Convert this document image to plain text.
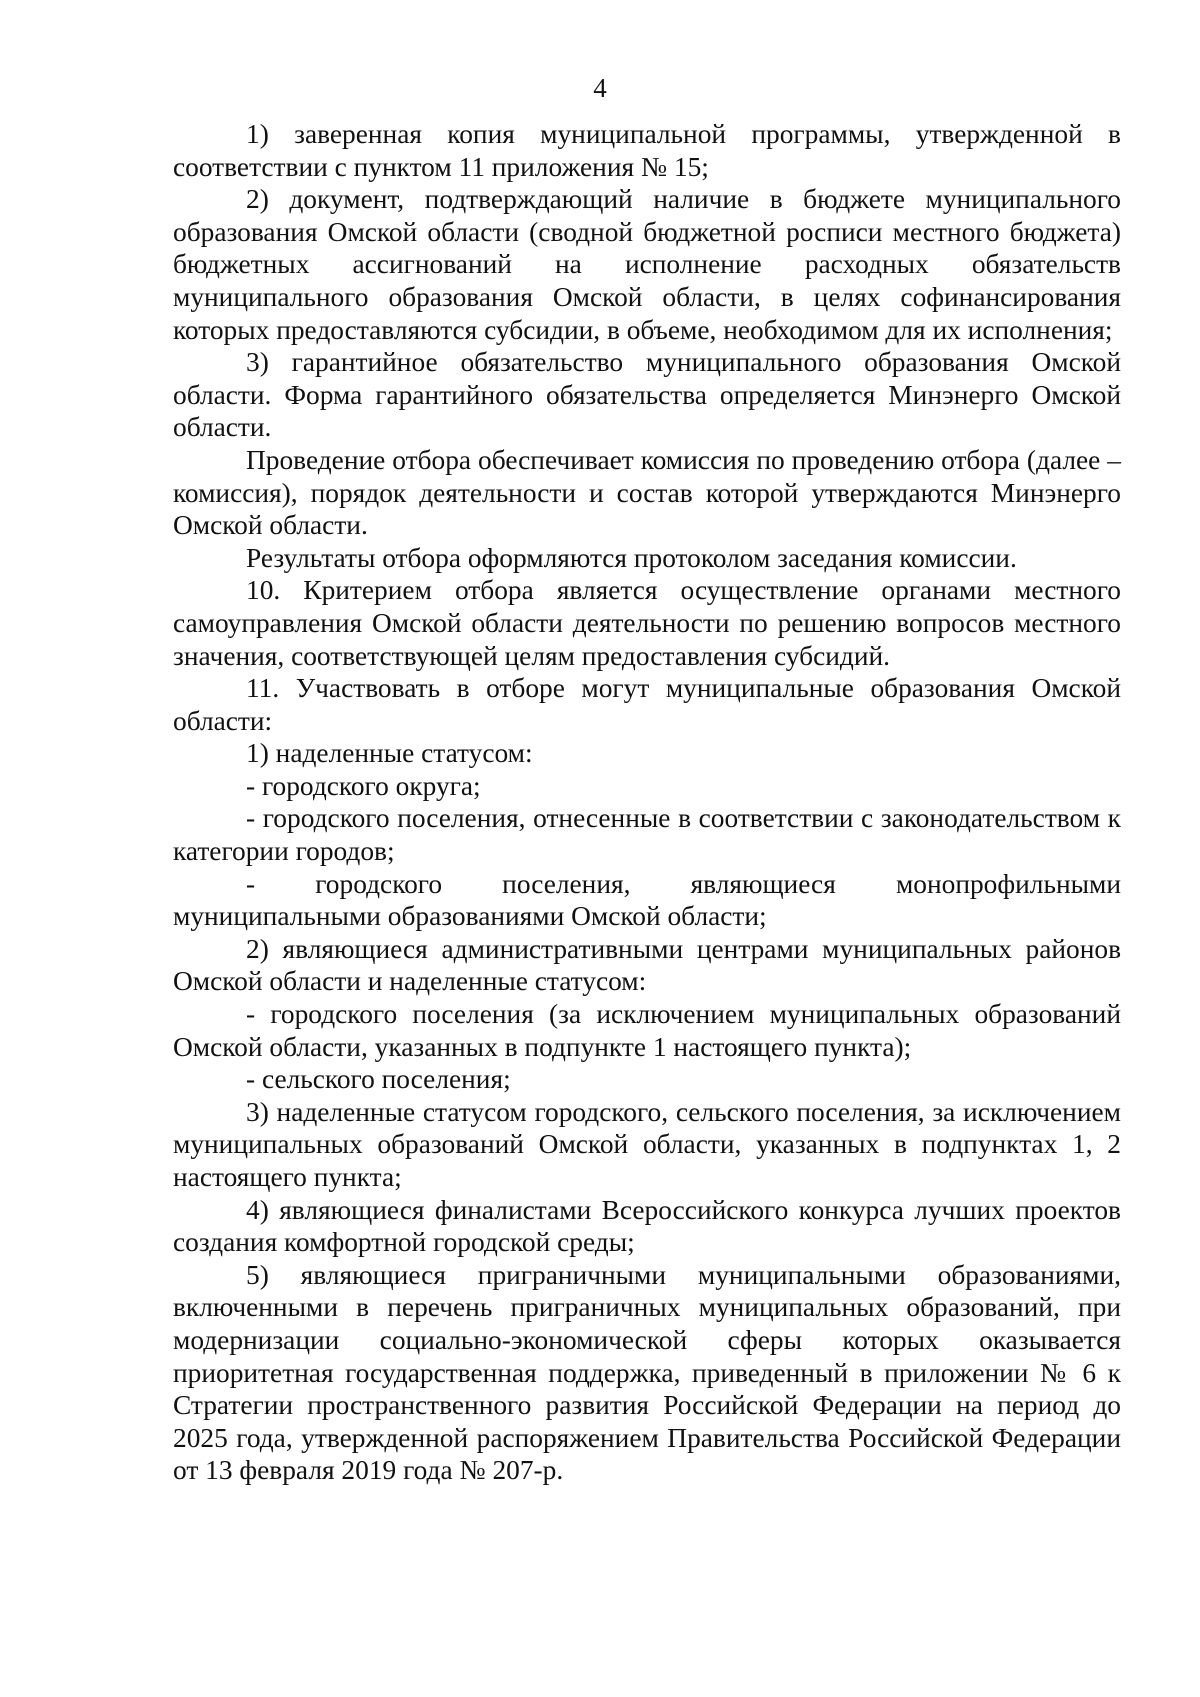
4

1) заверенная копия муниципальной программы, утвержденной в соответствии с пунктом 11 приложения № 15;

2) документ, подтверждающий наличие в бюджете муниципального образования Омской области (сводной бюджетной росписи местного бюджета) бюджетных ассигнований на исполнение расходных обязательств муниципального образования Омской области, в целях софинансирования которых предоставляются субсидии, в объеме, необходимом для их исполнения;

3) гарантийное обязательство муниципального образования Омской области. Форма гарантийного обязательства определяется Минэнерго Омской области.

Проведение отбора обеспечивает комиссия по проведению отбора (далее – комиссия), порядок деятельности и состав которой утверждаются Минэнерго Омской области.

Результаты отбора оформляются протоколом заседания комиссии.

10. Критерием отбора является осуществление органами местного самоуправления Омской области деятельности по решению вопросов местного значения, соответствующей целям предоставления субсидий.

11. Участвовать в отборе могут муниципальные образования Омской области:

1) наделенные статусом:

- городского округа;

- городского поселения, отнесенные в соответствии с законодательством к категории городов;

- городского поселения, являющиеся монопрофильными муниципальными образованиями Омской области;

2) являющиеся административными центрами муниципальных районов Омской области и наделенные статусом:

- городского поселения (за исключением муниципальных образований Омской области, указанных в подпункте 1 настоящего пункта);

- сельского поселения;

3) наделенные статусом городского, сельского поселения, за исключением муниципальных образований Омской области, указанных в подпунктах 1, 2 настоящего пункта;

4) являющиеся финалистами Всероссийского конкурса лучших проектов создания комфортной городской среды;

5) являющиеся приграничными муниципальными образованиями, включенными в перечень приграничных муниципальных образований, при модернизации социально-экономической сферы которых оказывается приоритетная государственная поддержка, приведенный в приложении № 6 к Стратегии пространственного развития Российской Федерации на период до 2025 года, утвержденной распоряжением Правительства Российской Федерации от 13 февраля 2019 года № 207-р.
